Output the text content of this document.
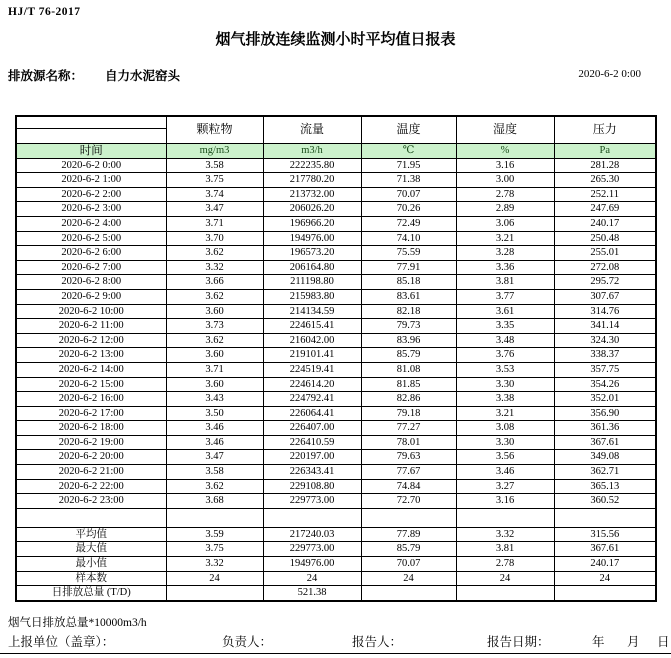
HJ/T 76-2017
烟气排放连续监测小时平均值日报表
排放源名称： 自力水泥窑头	2020-6-2 0:00
	颗粒物	流量	温度	湿度	压力

时间	mg/m3	m3/h	℃	%	Pa
2020-6-2 0:00	3.58	222235.80	71.95	3.16	281.28
2020-6-2 1:00	3.75	217780.20	71.38	3.00	265.30
2020-6-2 2:00	3.74	213732.00	70.07	2.78	252.11
2020-6-2 3:00	3.47	206026.20	70.26	2.89	247.69
2020-6-2 4:00	3.71	196966.20	72.49	3.06	240.17
2020-6-2 5:00	3.70	194976.00	74.10	3.21	250.48
2020-6-2 6:00	3.62	196573.20	75.59	3.28	255.01
2020-6-2 7:00	3.32	206164.80	77.91	3.36	272.08
2020-6-2 8:00	3.66	211198.80	85.18	3.81	295.72
2020-6-2 9:00	3.62	215983.80	83.61	3.77	307.67
2020-6-2 10:00	3.60	214134.59	82.18	3.61	314.76
2020-6-2 11:00	3.73	224615.41	79.73	3.35	341.14
2020-6-2 12:00	3.62	216042.00	83.96	3.48	324.30
2020-6-2 13:00	3.60	219101.41	85.79	3.76	338.37
2020-6-2 14:00	3.71	224519.41	81.08	3.53	357.75
2020-6-2 15:00	3.60	224614.20	81.85	3.30	354.26
2020-6-2 16:00	3.43	224792.41	82.86	3.38	352.01
2020-6-2 17:00	3.50	226064.41	79.18	3.21	356.90
2020-6-2 18:00	3.46	226407.00	77.27	3.08	361.36
2020-6-2 19:00	3.46	226410.59	78.01	3.30	367.61
2020-6-2 20:00	3.47	220197.00	79.63	3.56	349.08
2020-6-2 21:00	3.58	226343.41	77.67	3.46	362.71
2020-6-2 22:00	3.62	229108.80	74.84	3.27	365.13
2020-6-2 23:00	3.68	229773.00	72.70	3.16	360.52

平均值	3.59	217240.03	77.89	3.32	315.56
最大值	3.75	229773.00	85.79	3.81	367.61
最小值	3.32	194976.00	70.07	2.78	240.17
样本数	24	24	24	24	24
日排放总量 (T/D)		521.38			
烟气日排放总量*10000m3/h
上报单位（盖章）：	负责人：	报告人：	报告日期：	年 月 日
